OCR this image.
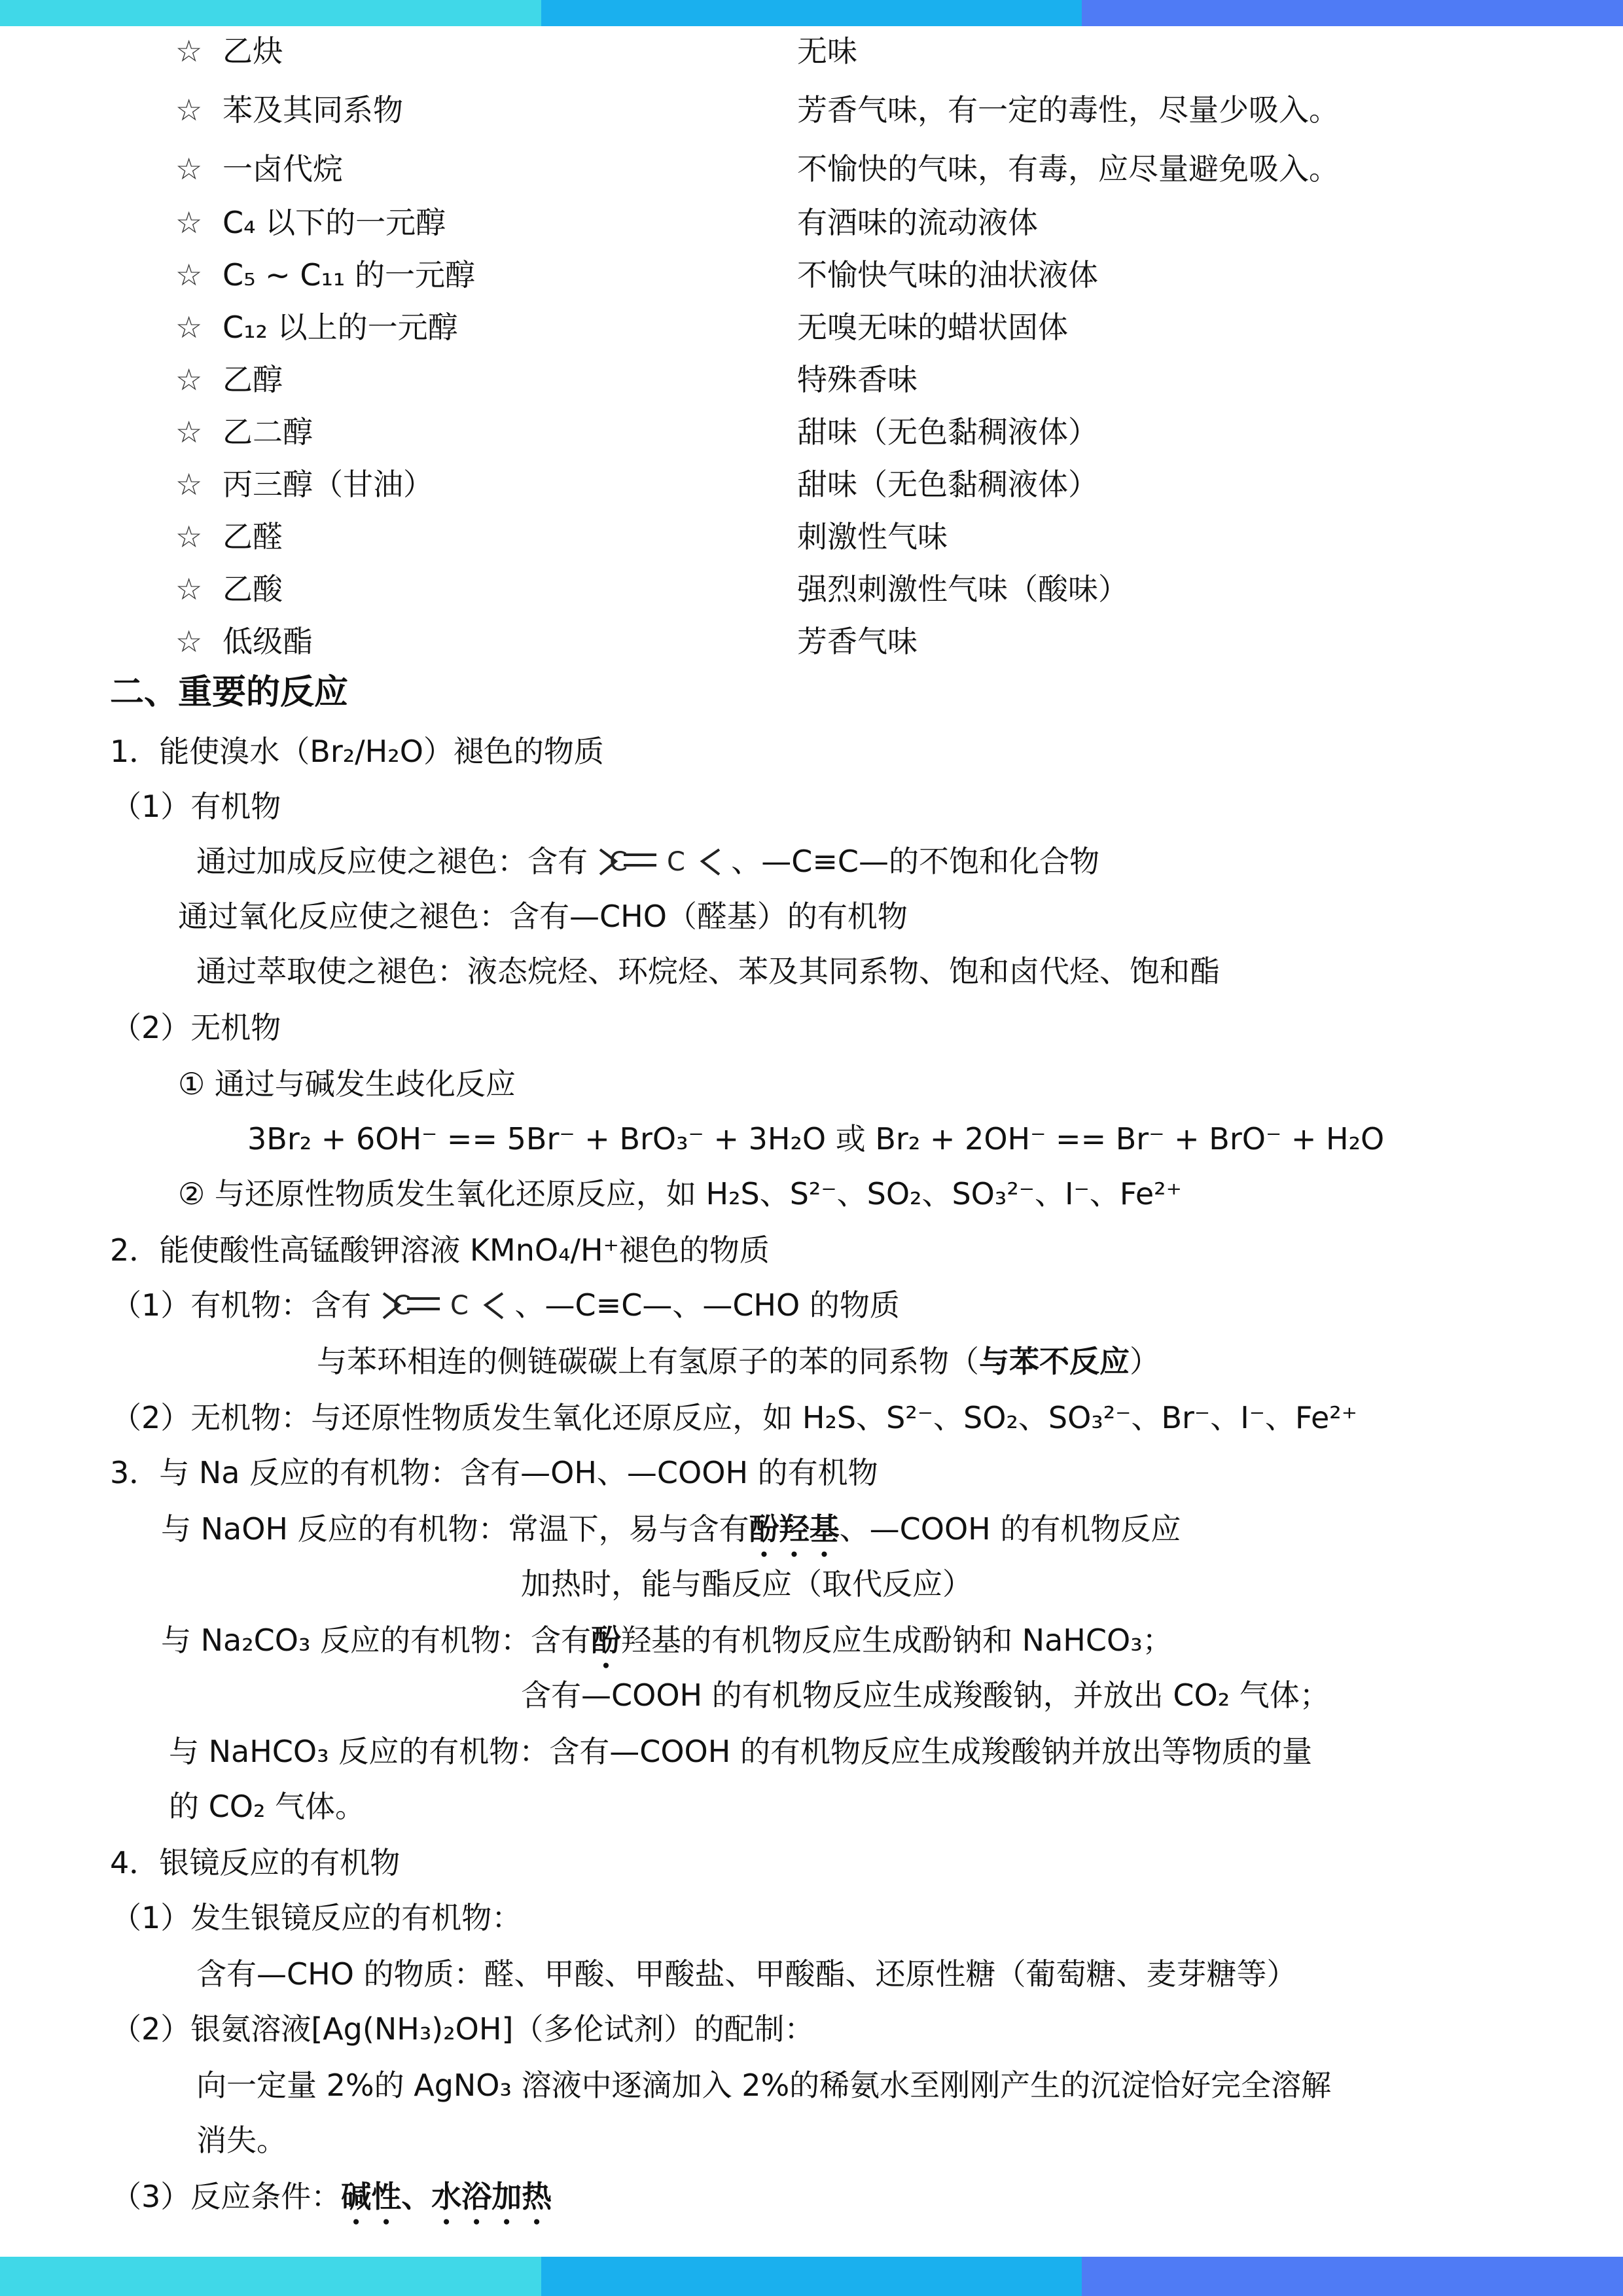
☆ 乙炔	无味
☆ 苯及其同系物	芳香气味，有一定的毒性，尽量少吸入。
☆ 一卤代烷	不愉快的气味，有毒，应尽量避免吸入。
☆ C₄ 以下的一元醇	有酒味的流动液体
☆ C₅ ~ C₁₁ 的一元醇	不愉快气味的油状液体
☆ C₁₂ 以上的一元醇	无嗅无味的蜡状固体
☆ 乙醇	特殊香味
☆ 乙二醇	甜味（无色黏稠液体）
☆ 丙三醇（甘油）	甜味（无色黏稠液体）
☆ 乙醛	刺激性气味
☆ 乙酸	强烈刺激性气味（酸味）
☆ 低级酯	芳香气味
二、重要的反应
1．能使溴水（Br₂/H₂O）褪色的物质
（1）有机物
通过加成反应使之褪色：含有 C C 、—C≡C—的不饱和化合物
通过氧化反应使之褪色：含有—CHO（醛基）的有机物
通过萃取使之褪色：液态烷烃、环烷烃、苯及其同系物、饱和卤代烃、饱和酯
（2）无机物
① 通过与碱发生歧化反应
3Br₂ + 6OH⁻ == 5Br⁻ + BrO₃⁻ + 3H₂O 或 Br₂ + 2OH⁻ == Br⁻ + BrO⁻ + H₂O
② 与还原性物质发生氧化还原反应，如 H₂S、S²⁻、SO₂、SO₃²⁻、I⁻、Fe²⁺
2．能使酸性高锰酸钾溶液 KMnO₄/H⁺褪色的物质
（1）有机物：含有 C C 、—C≡C—、—CHO 的物质
与苯环相连的侧链碳碳上有氢原子的苯的同系物（与苯不反应）
（2）无机物：与还原性物质发生氧化还原反应，如 H₂S、S²⁻、SO₂、SO₃²⁻、Br⁻、I⁻、Fe²⁺
3．与 Na 反应的有机物：含有—OH、—COOH 的有机物
与 NaOH 反应的有机物：常温下，易与含有酚羟基、—COOH 的有机物反应
加热时，能与酯反应（取代反应）
与 Na₂CO₃ 反应的有机物：含有酚羟基的有机物反应生成酚钠和 NaHCO₃；
含有—COOH 的有机物反应生成羧酸钠，并放出 CO₂ 气体；
与 NaHCO₃ 反应的有机物：含有—COOH 的有机物反应生成羧酸钠并放出等物质的量
的 CO₂ 气体。
4．银镜反应的有机物
（1）发生银镜反应的有机物：
含有—CHO 的物质：醛、甲酸、甲酸盐、甲酸酯、还原性糖（葡萄糖、麦芽糖等）
（2）银氨溶液[Ag(NH₃)₂OH]（多伦试剂）的配制：
向一定量 2%的 AgNO₃ 溶液中逐滴加入 2%的稀氨水至刚刚产生的沉淀恰好完全溶解
消失。
（3）反应条件：碱性、水浴加热
